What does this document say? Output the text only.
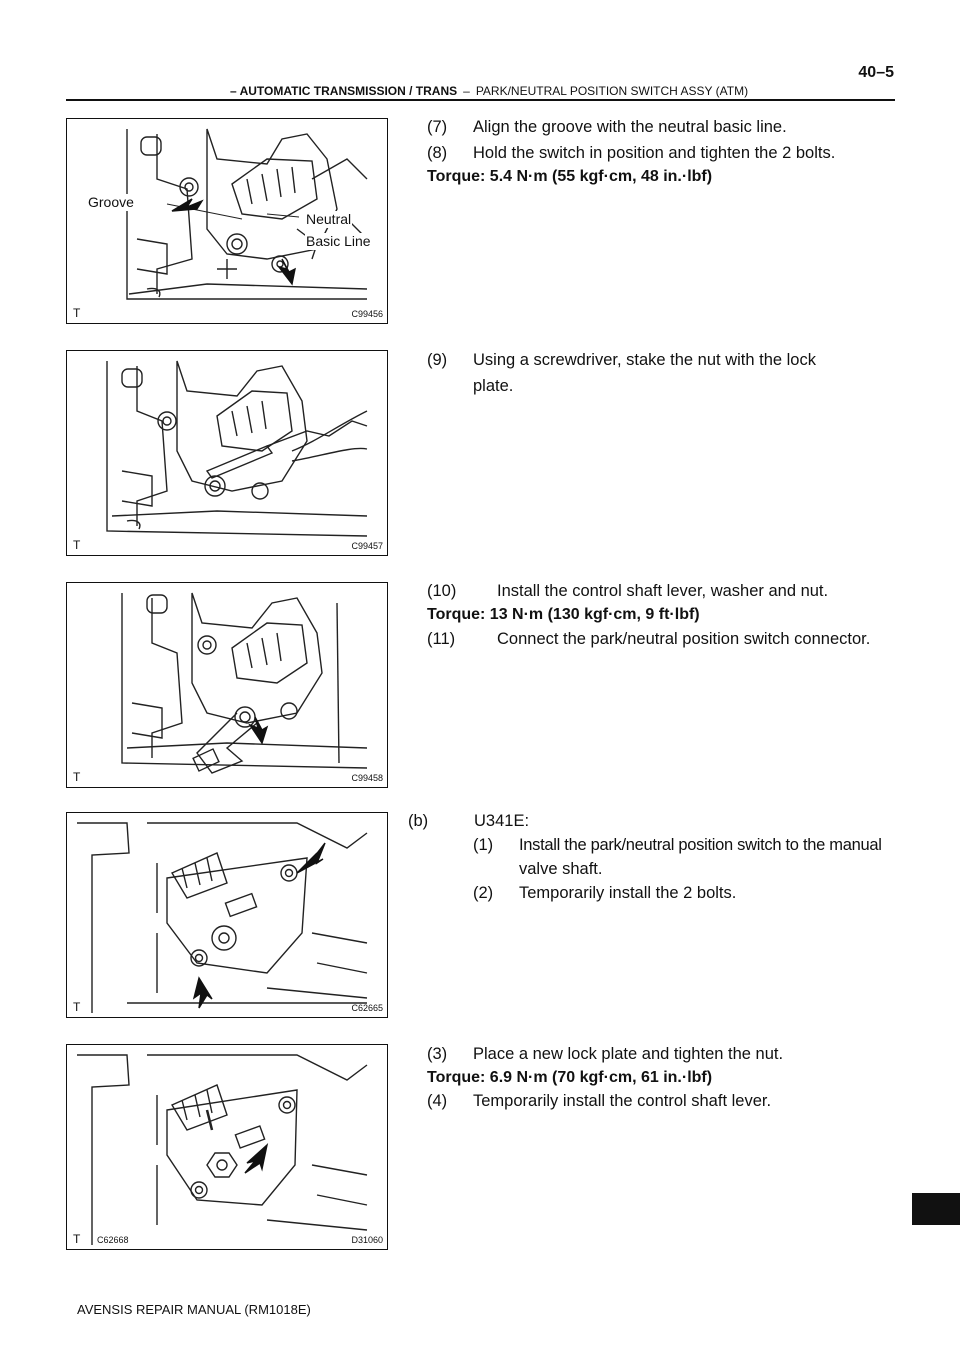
40–5
– AUTOMATIC TRANSMISSION / TRANS – PARK/NEUTRAL POSITION SWITCH ASSY (ATM)
Groove
Neutral
Basic Line
T	C99456
T	C99457
T	C99458
T	C62665
T C62668	D31060
(7) Align the groove with the neutral basic line.
(8) Hold the switch in position and tighten the 2 bolts.
Torque: 5.4 N·m (55 kgf·cm, 48 in.·lbf)
(9) Using a screwdriver, stake the nut with the lock
plate.
(10) Install the control shaft lever, washer and nut.
Torque: 13 N·m (130 kgf·cm, 9 ft·lbf)
(11)	Connect the park/neutral position switch connector.
(b)	U341E:
(1) Install the park/neutral position switch to the manual
valve shaft.
(2) Temporarily install the 2 bolts.
(3) Place a new lock plate and tighten the nut.
Torque: 6.9 N·m (70 kgf·cm, 61 in.·lbf)
(4) Temporarily install the control shaft lever.
AVENSIS REPAIR MANUAL (RM1018E)
